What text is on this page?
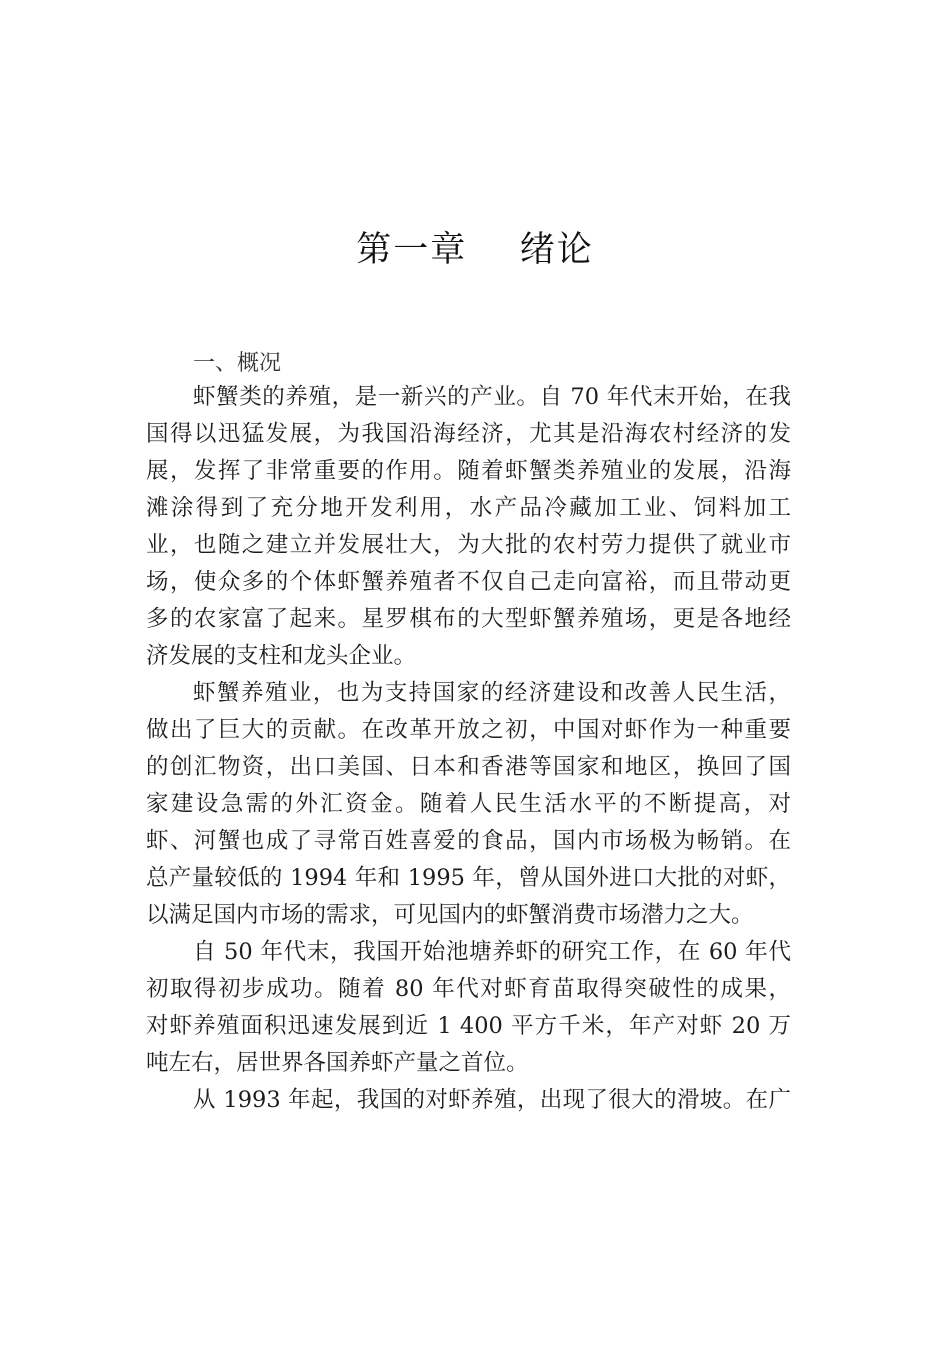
第一章    绪论
一、概况
虾蟹类的养殖，是一新兴的产业。自 70 年代末开始，在我
国得以迅猛发展，为我国沿海经济，尤其是沿海农村经济的发
展，发挥了非常重要的作用。随着虾蟹类养殖业的发展，沿海
滩涂得到了充分地开发利用，水产品冷藏加工业、饲料加工
业，也随之建立并发展壮大，为大批的农村劳力提供了就业市
场，使众多的个体虾蟹养殖者不仅自己走向富裕，而且带动更
多的农家富了起来。星罗棋布的大型虾蟹养殖场，更是各地经
济发展的支柱和龙头企业。
虾蟹养殖业，也为支持国家的经济建设和改善人民生活，
做出了巨大的贡献。在改革开放之初，中国对虾作为一种重要
的创汇物资，出口美国、日本和香港等国家和地区，换回了国
家建设急需的外汇资金。随着人民生活水平的不断提高，对
虾、河蟹也成了寻常百姓喜爱的食品，国内市场极为畅销。在
总产量较低的 1994 年和 1995 年，曾从国外进口大批的对虾，
以满足国内市场的需求，可见国内的虾蟹消费市场潜力之大。
自 50 年代末，我国开始池塘养虾的研究工作，在 60 年代
初取得初步成功。随着 80 年代对虾育苗取得突破性的成果，
对虾养殖面积迅速发展到近 1 400 平方千米，年产对虾 20 万
吨左右，居世界各国养虾产量之首位。
从 1993 年起，我国的对虾养殖，出现了很大的滑坡。在广
